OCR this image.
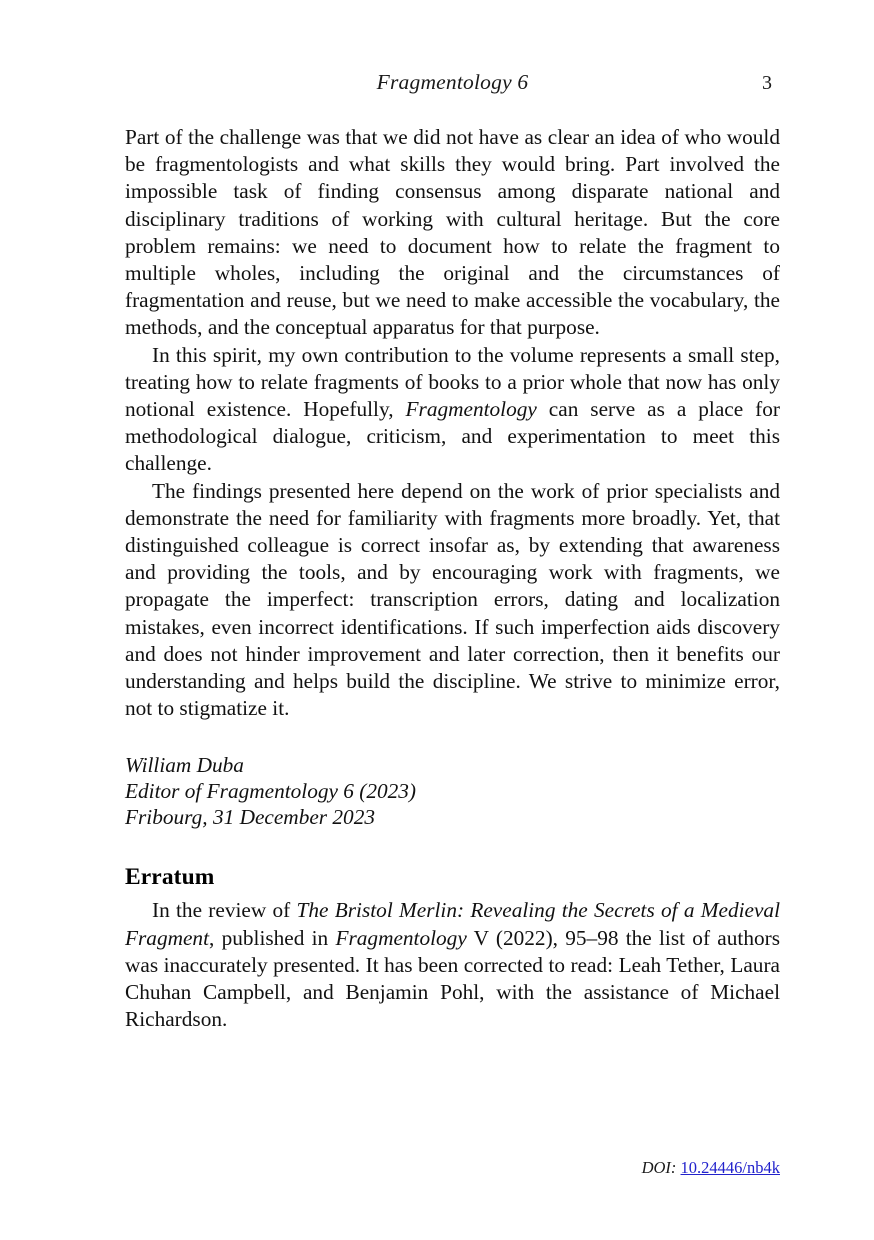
Fragmentology 6	3

Part of the challenge was that we did not have as clear an idea of who would be fragmentologists and what skills they would bring. Part involved the impossible task of finding consensus among disparate national and disciplinary traditions of working with cultural heritage. But the core problem remains: we need to document how to relate the fragment to multiple wholes, including the original and the circumstances of fragmentation and reuse, but we need to make accessible the vocabulary, the methods, and the conceptual apparatus for that purpose.

In this spirit, my own contribution to the volume represents a small step, treating how to relate fragments of books to a prior whole that now has only notional existence. Hopefully, Fragmentology can serve as a place for methodological dialogue, criticism, and experimentation to meet this challenge.

The findings presented here depend on the work of prior specialists and demonstrate the need for familiarity with fragments more broadly. Yet, that distinguished colleague is correct insofar as, by extending that awareness and providing the tools, and by encouraging work with fragments, we propagate the imperfect: transcription errors, dating and localization mistakes, even incorrect identifications. If such imperfection aids discovery and does not hinder improvement and later correction, then it benefits our understanding and helps build the discipline. We strive to minimize error, not to stigmatize it.

William Duba
Editor of Fragmentology 6 (2023)
Fribourg, 31 December 2023
Erratum

In the review of The Bristol Merlin: Revealing the Secrets of a Medieval Fragment, published in Fragmentology V (2022), 95–98 the list of authors was inaccurately presented. It has been corrected to read: Leah Tether, Laura Chuhan Campbell, and Benjamin Pohl, with the assistance of Michael Richardson.

DOI: 10.24446/nb4k
